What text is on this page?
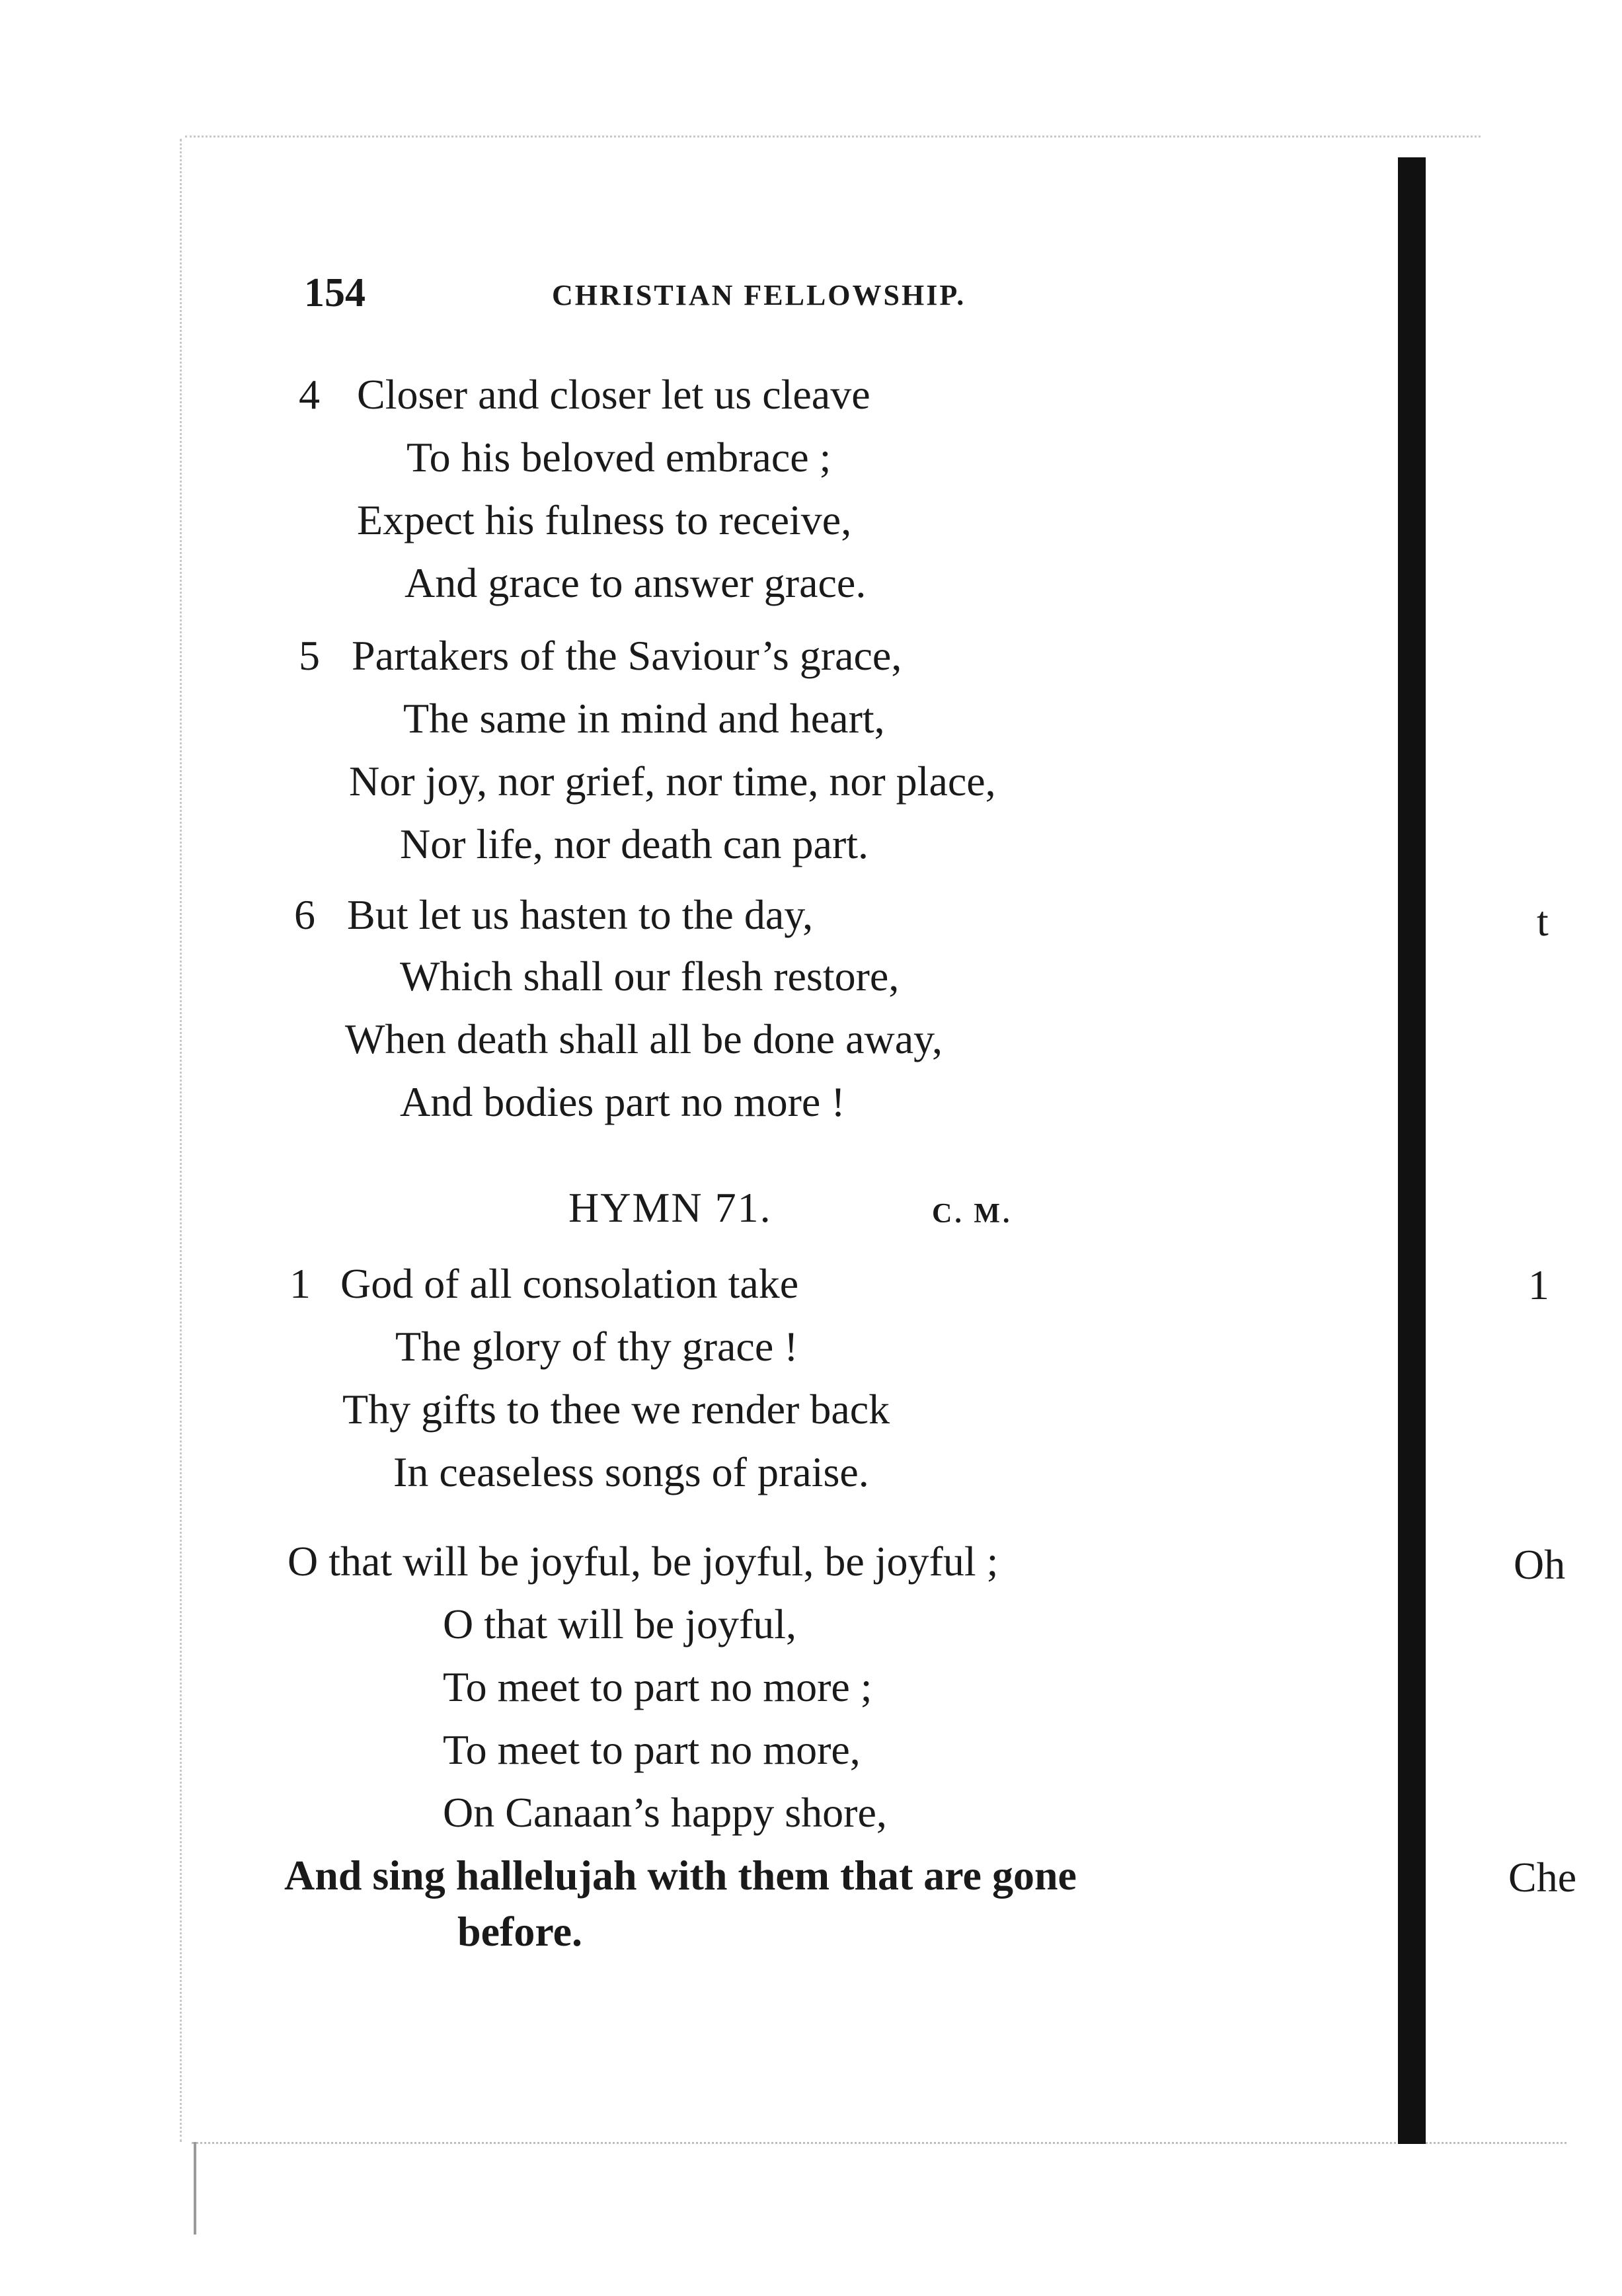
154	CHRISTIAN FELLOWSHIP.
4 Closer and closer let us cleave
To his beloved embrace ;
Expect his fulness to receive,
And grace to answer grace.
5 Partakers of the Saviour’s grace,
The same in mind and heart,
Nor joy, nor grief, nor time, nor place,
Nor life, nor death can part.
6 But let us hasten to the day,
Which shall our flesh restore,
When death shall all be done away,
And bodies part no more !
HYMN 71.	C. M.
1 God of all consolation take
The glory of thy grace !
Thy gifts to thee we render back
In ceaseless songs of praise.
O that will be joyful, be joyful, be joyful ;
O that will be joyful,
To meet to part no more ;
To meet to part no more,
On Canaan’s happy shore,
And sing hallelujah with them that are gone
before.
t
1
Oh
Che
